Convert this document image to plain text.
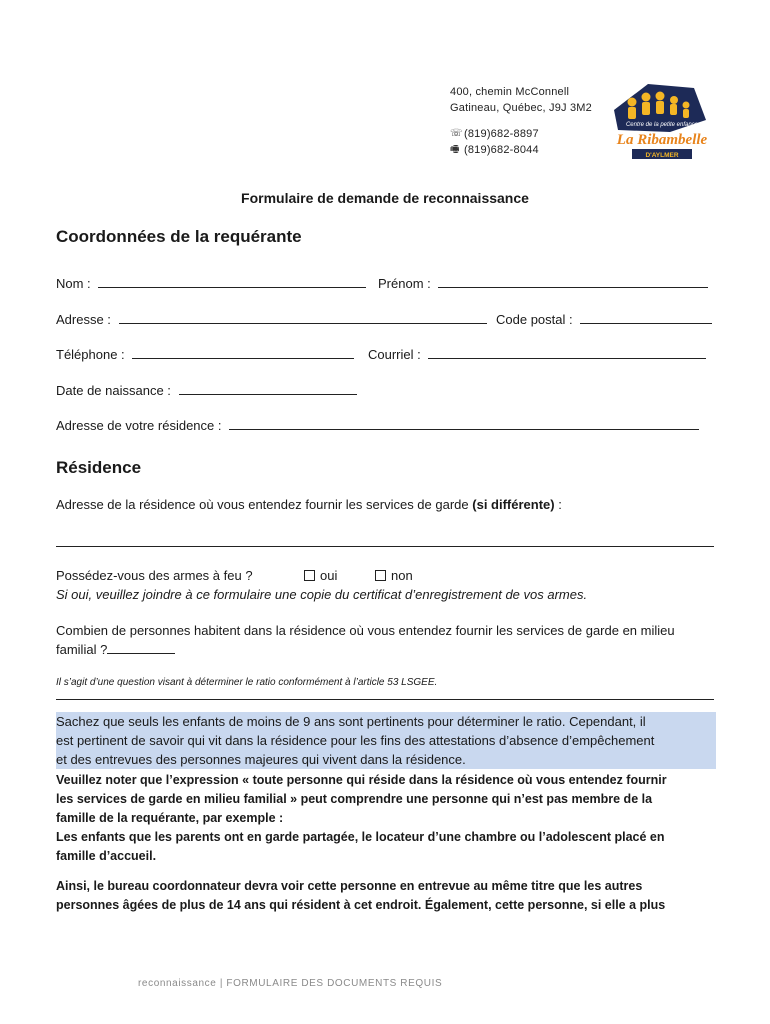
400, chemin McConnell
Gatineau, Québec, J9J 3M2
☏ (819)682-8897
🖷 (819)682-8044
Centre de la petite enfance
La Ribambelle
D'AYLMER
Formulaire de demande de reconnaissance
Coordonnées de la requérante
Nom :	Prénom :
Adresse :	Code postal :
Téléphone :	Courriel :
Date de naissance :
Adresse de votre résidence :
Résidence
Adresse de la résidence où vous entendez fournir les services de garde (si différente) :
Possédez-vous des armes à feu ?	oui	non
Si oui, veuillez joindre à ce formulaire une copie du certificat d’enregistrement de vos armes.
Combien de personnes habitent dans la résidence où vous entendez fournir les services de garde en milieu
familial ?
Il s’agit d’une question visant à déterminer le ratio conformément à l’article 53 LSGEE.
Sachez que seuls les enfants de moins de 9 ans sont pertinents pour déterminer le ratio. Cependant, il
est pertinent de savoir qui vit dans la résidence pour les fins des attestations d’absence d’empêchement
et des entrevues des personnes majeures qui vivent dans la résidence.
Veuillez noter que l’expression « toute personne qui réside dans la résidence où vous entendez fournir
les services de garde en milieu familial » peut comprendre une personne qui n’est pas membre de la
famille de la requérante, par exemple :
Les enfants que les parents ont en garde partagée, le locateur d’une chambre ou l’adolescent placé en
famille d’accueil.
Ainsi, le bureau coordonnateur devra voir cette personne en entrevue au même titre que les autres
personnes âgées de plus de 14 ans qui résident à cet endroit. Également, cette personne, si elle a plus
reconnaissance | FORMULAIRE DES DOCUMENTS REQUIS
